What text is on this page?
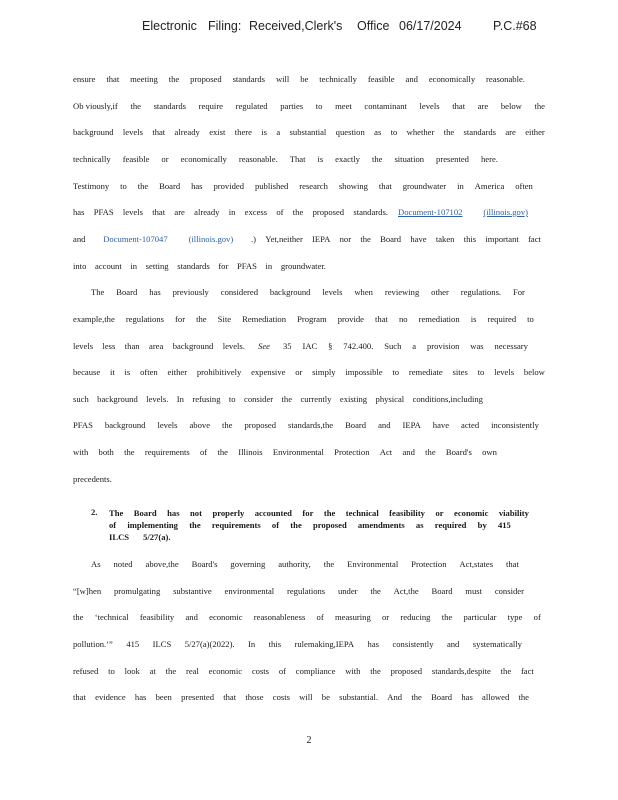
Electronic Filing: Received,Clerk's Office 06/17/2024	P.C.#68
ensure that meeting the proposed standards will be technically feasible and economically reasonable.
Ob viously,if the standards require regulated parties to meet contaminant levels that are below the
background levels that already exist there is a substantial question as to whether the standards are either
technically feasible or economically reasonable. That is exactly the situation presented here.
Testimony to the Board has provided published research showing that groundwater in America often
has PFAS levels that are already in excess of the proposed standards. Document-107102 (illinois.gov)
and Document-107047 (illinois.gov) .) Yet,neither IEPA nor the Board have taken this important fact
into account in setting standards for PFAS in groundwater.
The Board has previously considered background levels when reviewing other regulations. For
example,the regulations for the Site Remediation Program provide that no remediation is required to
levels less than area background levels. See 35 IAC § 742.400. Such a provision was necessary
because it is often either prohibitively expensive or simply impossible to remediate sites to levels below
such background levels. In refusing to consider the currently existing physical conditions,including
PFAS background levels above the proposed standards,the Board and IEPA have acted inconsistently
with both the requirements of the Illinois Environmental Protection Act and the Board's own
precedents.
2. The Board has not properly accounted for the technical feasibility or economic viability
of implementing the requirements of the proposed amendments as required by 415
ILCS 5/27(a).
As noted above,the Board's governing authority, the Environmental Protection Act,states that
“[w]hen promulgating substantive environmental regulations under the Act,the Board must consider
the ‘technical feasibility and economic reasonableness of measuring or reducing the particular type of
pollution.’” 415 ILCS 5/27(a)(2022). In this rulemaking,IEPA has consistently and systematically
refused to look at the real economic costs of compliance with the proposed standards,despite the fact
that evidence has been presented that those costs will be substantial. And the Board has allowed the
2
